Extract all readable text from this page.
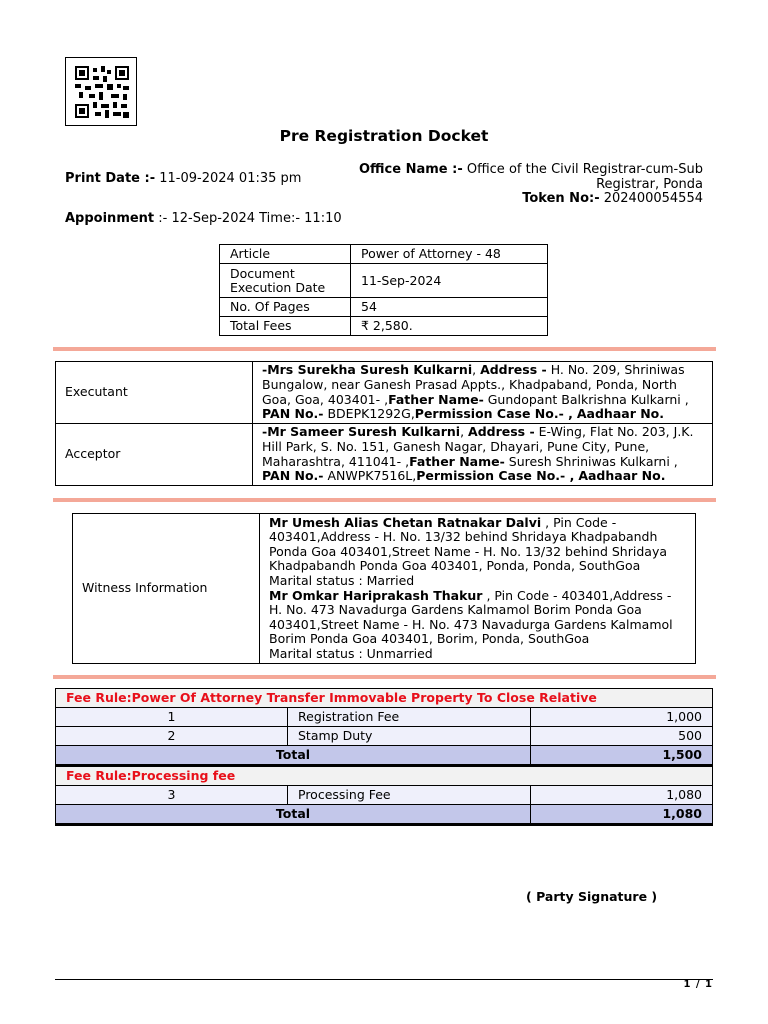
Pre Registration Docket
Print Date :- 11-09-2024 01:35 pm
Office Name :- Office of the Civil Registrar-cum-Sub
Registrar, Ponda
Token No:- 202400054554
Appoinment :- 12-Sep-2024 Time:- 11:10
Article	Power of Attorney - 48
Document Execution Date	11-Sep-2024
No. Of Pages	54
Total Fees	₹ 2,580.
Executant	-Mrs Surekha Suresh Kulkarni, Address - H. No. 209, Shriniwas Bungalow, near Ganesh Prasad Appts., Khadpaband, Ponda, North Goa, Goa, 403401- ,Father Name- Gundopant Balkrishna Kulkarni , PAN No.- BDEPK1292G,Permission Case No.- , Aadhaar No.
Acceptor	-Mr Sameer Suresh Kulkarni, Address - E-Wing, Flat No. 203, J.K. Hill Park, S. No. 151, Ganesh Nagar, Dhayari, Pune City, Pune, Maharashtra, 411041- ,Father Name- Suresh Shriniwas Kulkarni , PAN No.- ANWPK7516L,Permission Case No.- , Aadhaar No.
Witness Information	Mr Umesh Alias Chetan Ratnakar Dalvi , Pin Code - 403401,Address - H. No. 13/32 behind Shridaya Khadpabandh Ponda Goa 403401,Street Name - H. No. 13/32 behind Shridaya Khadpabandh Ponda Goa 403401, Ponda, Ponda, SouthGoa
Marital status : Married
Mr Omkar Hariprakash Thakur , Pin Code - 403401,Address - H. No. 473 Navadurga Gardens Kalmamol Borim Ponda Goa 403401,Street Name - H. No. 473 Navadurga Gardens Kalmamol Borim Ponda Goa 403401, Borim, Ponda, SouthGoa
Marital status : Unmarried
Fee Rule:Power Of Attorney Transfer Immovable Property To Close Relative		
1	Registration Fee	1,000
2	Stamp Duty	500
Total		1,500
Fee Rule:Processing fee		
3	Processing Fee	1,080
Total		1,080
( Party Signature )
1 / 1
